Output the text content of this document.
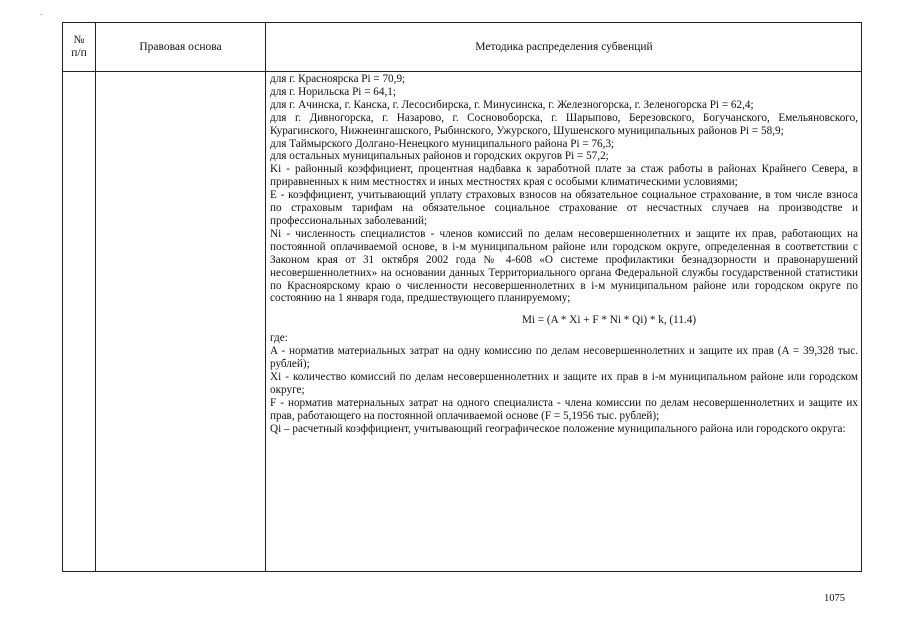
-
№
п/п
Правовая основа	Методика распределения субвенций

для г. Красноярска Pi = 70,9;

для г. Норильска Pi = 64,1;

для г. Ачинска, г. Канска, г. Лесосибирска, г. Минусинска, г. Железногорска, г. Зеленогорска Pi = 62,4;

для г. Дивногорска, г. Назарово, г. Сосновоборска, г. Шарыпово, Березовского, Богучанского, Емельяновского, Курагинского, Нижнеингашского, Рыбинского, Ужурского, Шушенского муниципальных районов Pi = 58,9;

для Таймырского Долгано-Ненецкого муниципального района Pi = 76,3;

для остальных муниципальных районов и городских округов Pi = 57,2;

Ki - районный коэффициент, процентная надбавка к заработной плате за стаж работы в районах Крайнего Севера, в приравненных к ним местностях и иных местностях края с особыми климатическими условиями;

E - коэффициент, учитывающий уплату страховых взносов на обязательное социальное страхование, в том числе взноса по страховым тарифам на обязательное социальное страхование от несчастных случаев на производстве и профессиональных заболеваний;

Ni - численность специалистов - членов комиссий по делам несовершеннолетних и защите их прав, работающих на постоянной оплачиваемой основе, в i-м муниципальном районе или городском округе, определенная в соответствии с Законом края от 31 октября 2002 года № 4-608 «О системе профилактики безнадзорности и правонарушений несовершеннолетних» на основании данных Территориального органа Федеральной службы государственной статистики по Красноярскому краю о численности несовершеннолетних в i-м муниципальном районе или городском округе по состоянию на 1 января года, предшествующего планируемому;

Mi = (A * Xi + F * Ni * Qi) * k, (11.4)

где:

A - норматив материальных затрат на одну комиссию по делам несовершеннолетних и защите их прав (A = 39,328 тыс. рублей);

Xi - количество комиссий по делам несовершеннолетних и защите их прав в i-м муниципальном районе или городском округе;

F - норматив материальных затрат на одного специалиста - члена комиссии по делам несовершеннолетних и защите их прав, работающего на постоянной оплачиваемой основе (F = 5,1956 тыс. рублей);

Qi – расчетный коэффициент, учитывающий географическое положение муниципального района или городского округа:

1075
